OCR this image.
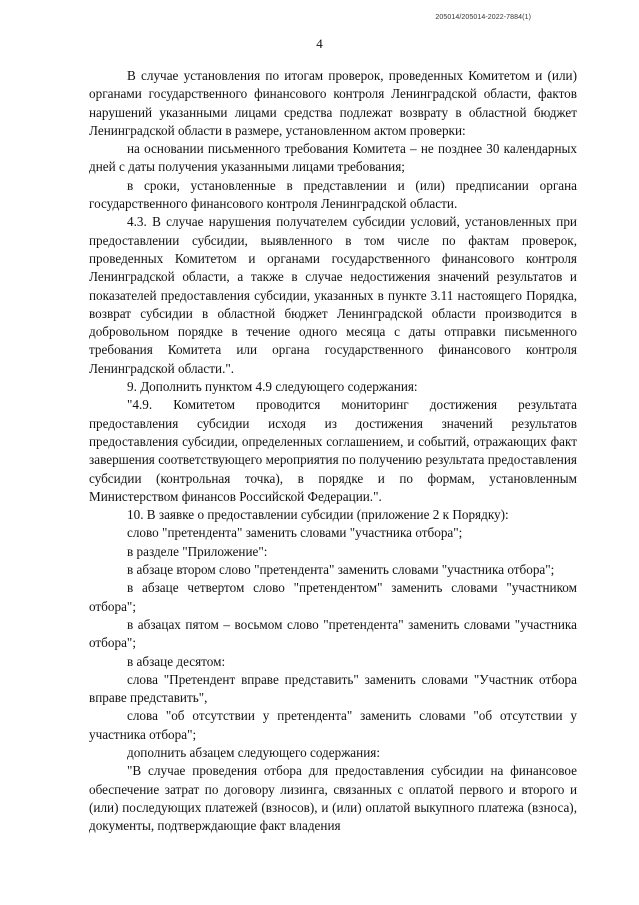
205014/205014-2022-7884(1)
4

В случае установления по итогам проверок, проведенных Комитетом и (или) органами государственного финансового контроля Ленинградской области, фактов нарушений указанными лицами средства подлежат возврату в областной бюджет Ленинградской области в размере, установленном актом проверки:

на основании письменного требования Комитета – не позднее 30 календарных дней с даты получения указанными лицами требования;

в сроки, установленные в представлении и (или) предписании органа государственного финансового контроля Ленинградской области.

4.3. В случае нарушения получателем субсидии условий, установленных при предоставлении субсидии, выявленного в том числе по фактам проверок, проведенных Комитетом и органами государственного финансового контроля Ленинградской области, а также в случае недостижения значений результатов и показателей предоставления субсидии, указанных в пункте 3.11 настоящего Порядка, возврат субсидии в областной бюджет Ленинградской области производится в добровольном порядке в течение одного месяца с даты отправки письменного требования Комитета или органа государственного финансового контроля Ленинградской области.".

9. Дополнить пунктом 4.9 следующего содержания:

"4.9. Комитетом проводится мониторинг достижения результата предоставления субсидии исходя из достижения значений результатов предоставления субсидии, определенных соглашением, и событий, отражающих факт завершения соответствующего мероприятия по получению результата предоставления субсидии (контрольная точка), в порядке и по формам, установленным Министерством финансов Российской Федерации.".

10. В заявке о предоставлении субсидии (приложение 2 к Порядку):

слово "претендента" заменить словами "участника отбора";

в разделе "Приложение":

в абзаце втором слово "претендента" заменить словами "участника отбора";

в абзаце четвертом слово "претендентом" заменить словами "участником отбора";

в абзацах пятом – восьмом слово "претендента" заменить словами "участника отбора";

в абзаце десятом:

слова "Претендент вправе представить" заменить словами "Участник отбора вправе представить",

слова "об отсутствии у претендента" заменить словами "об отсутствии у участника отбора";

дополнить абзацем следующего содержания:

"В случае проведения отбора для предоставления субсидии на финансовое обеспечение затрат по договору лизинга, связанных с оплатой первого и второго и (или) последующих платежей (взносов), и (или) оплатой выкупного платежа (взноса), документы, подтверждающие факт владения
